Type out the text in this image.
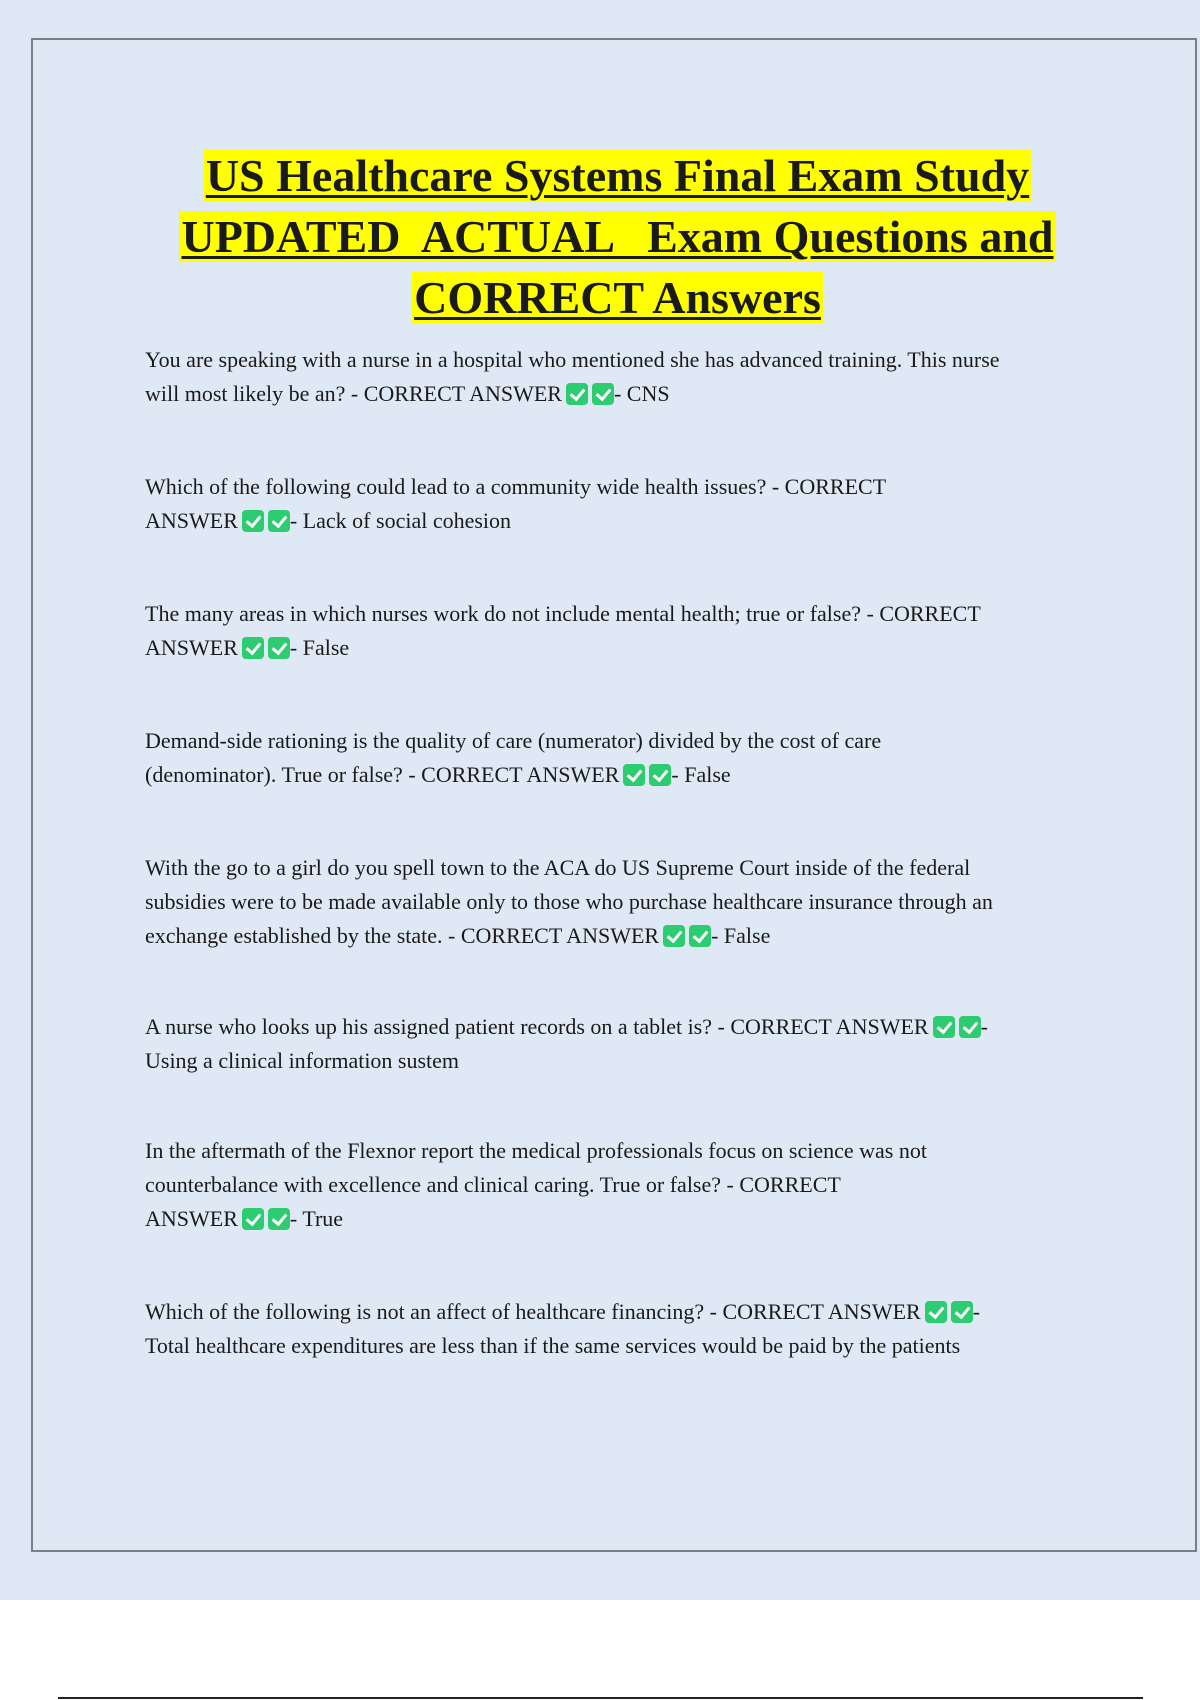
US Healthcare Systems Final Exam Study
UPDATED  ACTUAL   Exam Questions and
CORRECT Answers
You are speaking with a nurse in a hospital who mentioned she has advanced training. This nurse
will most likely be an? - CORRECT ANSWER - CNS
Which of the following could lead to a community wide health issues? - CORRECT
ANSWER - Lack of social cohesion
The many areas in which nurses work do not include mental health; true or false? - CORRECT
ANSWER - False
Demand-side rationing is the quality of care (numerator) divided by the cost of care
(denominator). True or false? - CORRECT ANSWER - False
With the go to a girl do you spell town to the ACA do US Supreme Court inside of the federal
subsidies were to be made available only to those who purchase healthcare insurance through an
exchange established by the state. - CORRECT ANSWER - False
A nurse who looks up his assigned patient records on a tablet is? - CORRECT ANSWER -
Using a clinical information sustem
In the aftermath of the Flexnor report the medical professionals focus on science was not
counterbalance with excellence and clinical caring. True or false? - CORRECT
ANSWER - True
Which of the following is not an affect of healthcare financing? - CORRECT ANSWER -
Total healthcare expenditures are less than if the same services would be paid by the patients
